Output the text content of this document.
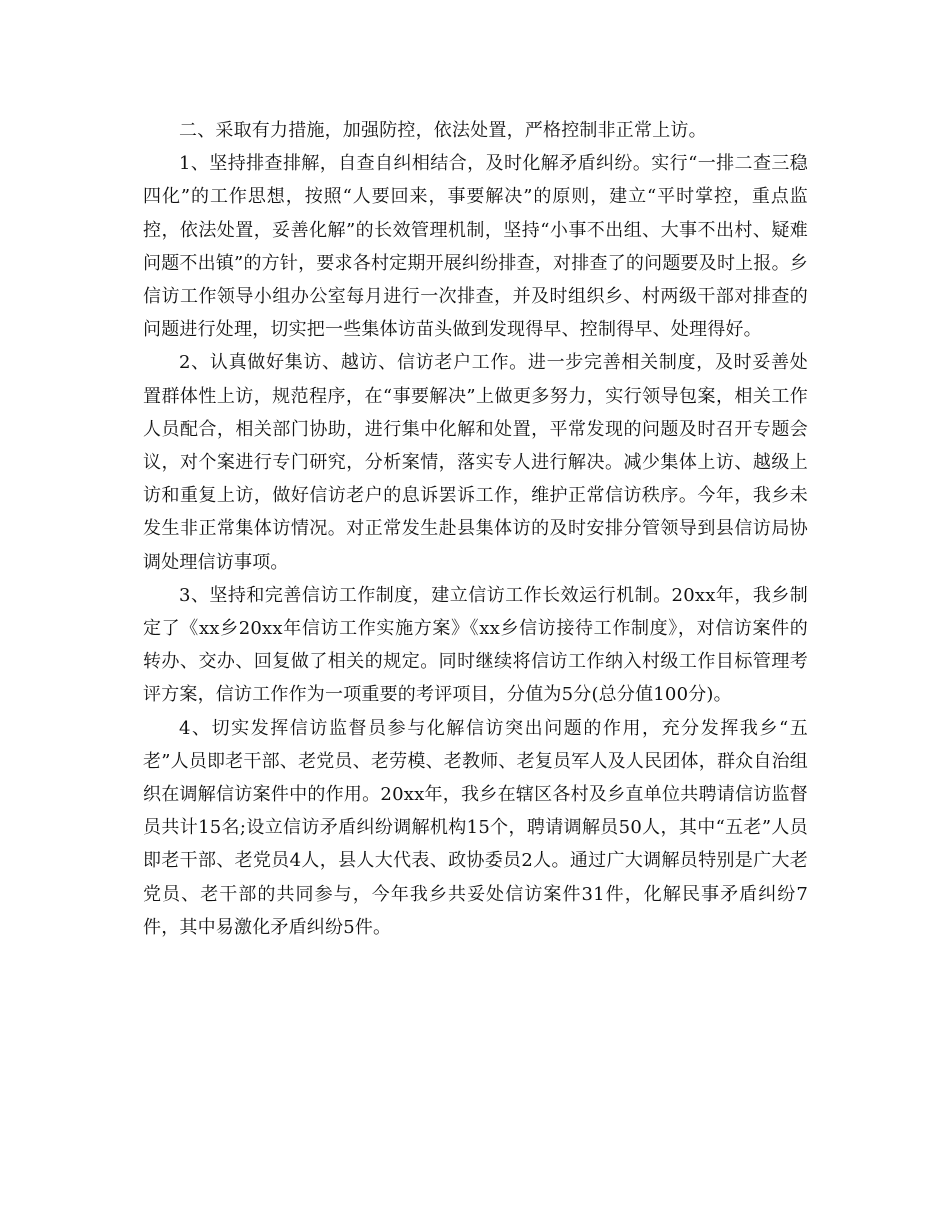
二、采取有力措施，加强防控，依法处置，严格控制非正常上访。

1、坚持排查排解，自查自纠相结合，及时化解矛盾纠纷。实行“一排二查三稳四化”的工作思想，按照“人要回来，事要解决”的原则，建立“平时掌控，重点监控，依法处置，妥善化解”的长效管理机制，坚持“小事不出组、大事不出村、疑难问题不出镇”的方针，要求各村定期开展纠纷排查，对排查了的问题要及时上报。乡信访工作领导小组办公室每月进行一次排查，并及时组织乡、村两级干部对排查的问题进行处理，切实把一些集体访苗头做到发现得早、控制得早、处理得好。

2、认真做好集访、越访、信访老户工作。进一步完善相关制度，及时妥善处置群体性上访，规范程序，在“事要解决”上做更多努力，实行领导包案，相关工作人员配合，相关部门协助，进行集中化解和处置，平常发现的问题及时召开专题会议，对个案进行专门研究，分析案情，落实专人进行解决。减少集体上访、越级上访和重复上访，做好信访老户的息诉罢诉工作，维护正常信访秩序。今年，我乡未发生非正常集体访情况。对正常发生赴县集体访的及时安排分管领导到县信访局协调处理信访事项。

3、坚持和完善信访工作制度，建立信访工作长效运行机制。20xx年，我乡制定了《xx乡20xx年信访工作实施方案》《xx乡信访接待工作制度》，对信访案件的转办、交办、回复做了相关的规定。同时继续将信访工作纳入村级工作目标管理考评方案，信访工作作为一项重要的考评项目，分值为5分(总分值100分)。

4、切实发挥信访监督员参与化解信访突出问题的作用，充分发挥我乡“五老”人员即老干部、老党员、老劳模、老教师、老复员军人及人民团体，群众自治组织在调解信访案件中的作用。20xx年，我乡在辖区各村及乡直单位共聘请信访监督员共计15名;设立信访矛盾纠纷调解机构15个，聘请调解员50人，其中“五老”人员即老干部、老党员4人，县人大代表、政协委员2人。通过广大调解员特别是广大老党员、老干部的共同参与，今年我乡共妥处信访案件31件，化解民事矛盾纠纷7件，其中易激化矛盾纠纷5件。
